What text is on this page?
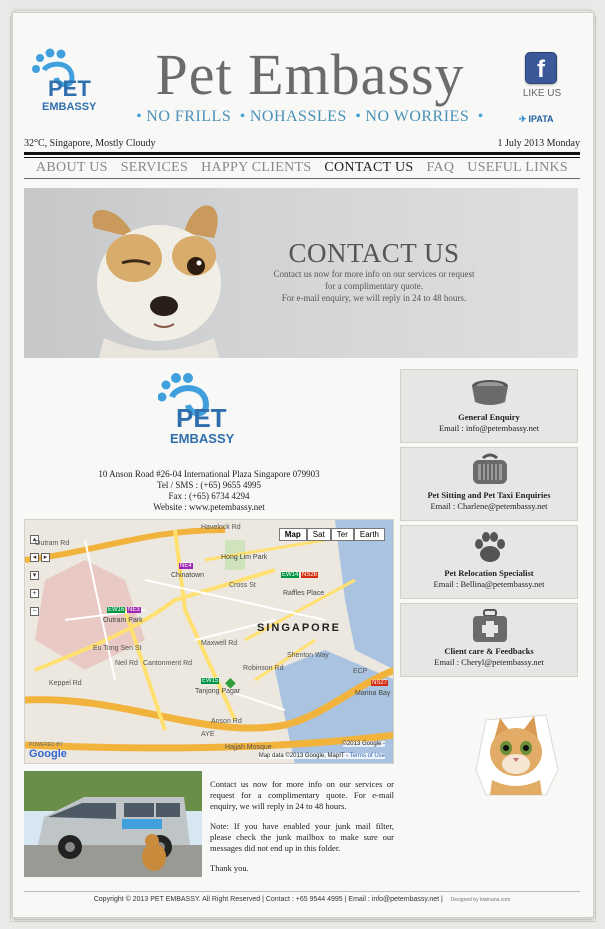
PET
EMBASSY	Pet Embassy
• NO FRILLS • NOHASSLES • NO WORRIES •
f
LIKE US
✈ IPATA
32°C, Singapore, Mostly Cloudy	1 July 2013 Monday
ABOUT US SERVICES HAPPY CLIENTS CONTACT US FAQ USEFUL LINKS
CONTACT US
Contact us now for more info on our services or request
for a complimentary quote.
For e-mail enquiry, we will reply in 24 to 48 hours.
PET
EMBASSY
10 Anson Road #26-04 International Plaza Singapore 079903
Tel / SMS : (+65) 9655 4995
Fax : (+65) 6734 4294
Website : www.petembassy.net
▴
◂ ▸
▾
+
−
Map	Sat	Ter	Earth
SINGAPORE
Chinatown
Outram Park
Raffles Place
Tanjong Pagar	Marina Bay
Hong Lim Park
Cross St
Anson Rd
Robinson Rd
Shenton Way
Cantonment Rd
Eu Tong Sen St
Neil Rd
AYE
ECP
Maxwell Rd
Havelock Rd
Hajjah Mosque
Outram Rd
Keppel Rd
EW16 NE3
NE4
EW14 NS26
EW15	NS27
◆
POWERED BY
Google
©2013 Google -
Map data ©2013 Google, MapIT - Terms of Use

Contact us now for more info on our services or request for a complimentary quote. For e-mail enquiry, we will reply in 24 to 48 hours.

Note: If you have enabled your junk mail filter, please check the junk mailbox to make sure our messages did not end up in this folder.

Thank you.

General Enquiry
Email : info@petembassy.net
Pet Sitting and Pet Taxi Enquiries
Email : Charlene@petembassy.net
Pet Relocation Specialist
Email : Bellina@petembassy.net
Client care & Feedbacks
Email : Cheryl@petembassy.net
Copyright © 2013 PET EMBASSY. All Right Reserved | Contact : +65 9544 4995 | Email : info@petembassy.net | Designed by kiwinana.com
